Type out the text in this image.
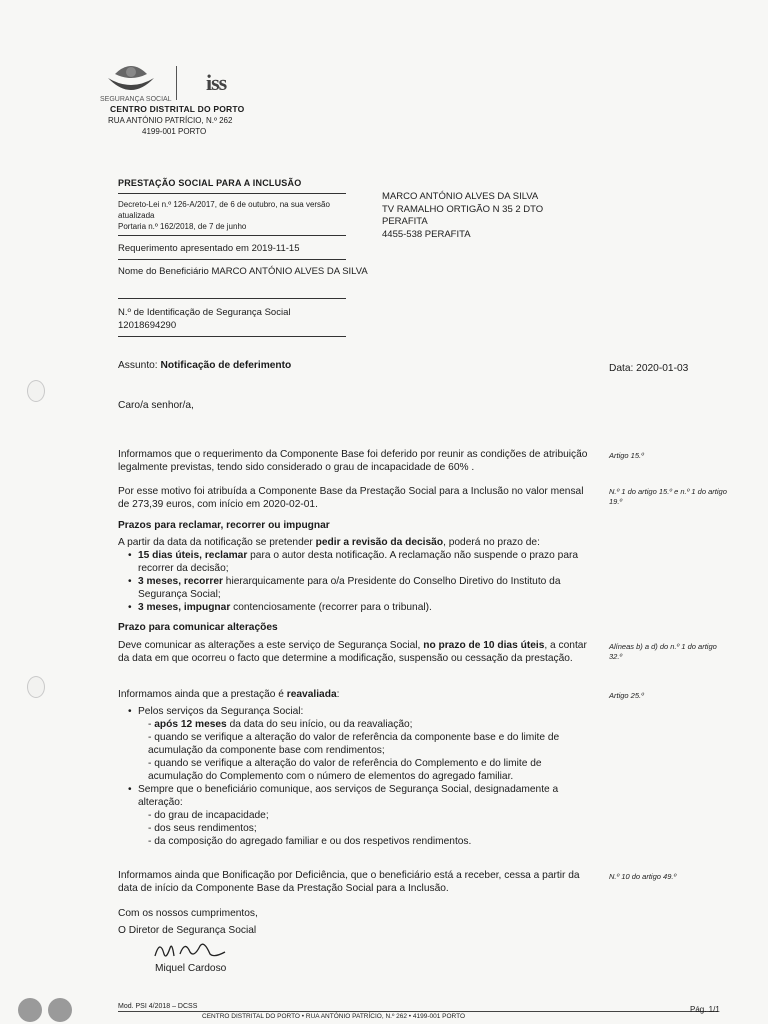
SEGURANÇA SOCIAL
iss
CENTRO DISTRITAL DO PORTO
RUA ANTÓNIO PATRÍCIO, N.º 262
4199-001 PORTO
PRESTAÇÃO SOCIAL PARA A INCLUSÃO
Decreto-Lei n.º 126-A/2017, de 6 de outubro, na sua versão atualizada
Portaria n.º 162/2018, de 7 de junho
Requerimento apresentado em 2019-11-15
Nome do Beneficiário MARCO ANTÓNIO ALVES DA SILVA
N.º de Identificação de Segurança Social
12018694290
MARCO ANTÓNIO ALVES DA SILVA
TV RAMALHO ORTIGÃO N 35 2 DTO
PERAFITA
4455-538 PERAFITA
Assunto: Notificação de deferimento	Data: 2020-01-03
Caro/a senhor/a,
Informamos que o requerimento da Componente Base foi deferido por reunir as condições de atribuição legalmente previstas, tendo sido considerado o grau de incapacidade de 60% .
Artigo 15.º
Por esse motivo foi atribuída a Componente Base da Prestação Social para a Inclusão no valor mensal de 273,39 euros, com início em 2020-02-01.
N.º 1 do artigo 15.º e n.º 1 do artigo 19.º
Prazos para reclamar, recorrer ou impugnar
A partir da data da notificação se pretender pedir a revisão da decisão, poderá no prazo de:
• 15 dias úteis, reclamar para o autor desta notificação. A reclamação não suspende o prazo para recorrer da decisão;
• 3 meses, recorrer hierarquicamente para o/a Presidente do Conselho Diretivo do Instituto da Segurança Social;
• 3 meses, impugnar contenciosamente (recorrer para o tribunal).
Prazo para comunicar alterações
Deve comunicar as alterações a este serviço de Segurança Social, no prazo de 10 dias úteis, a contar da data em que ocorreu o facto que determine a modificação, suspensão ou cessação da prestação.
Alíneas b) a d) do n.º 1 do artigo 32.º
Informamos ainda que a prestação é reavaliada:	Artigo 25.º
• Pelos serviços da Segurança Social:
- após 12 meses da data do seu início, ou da reavaliação;
- quando se verifique a alteração do valor de referência da componente base e do limite de acumulação da componente base com rendimentos;
- quando se verifique a alteração do valor de referência do Complemento e do limite de acumulação do Complemento com o número de elementos do agregado familiar.
• Sempre que o beneficiário comunique, aos serviços de Segurança Social, designadamente a alteração:
- do grau de incapacidade;
- dos seus rendimentos;
- da composição do agregado familiar e ou dos respetivos rendimentos.
Informamos ainda que Bonificação por Deficiência, que o beneficiário está a receber, cessa a partir da data de início da Componente Base da Prestação Social para a Inclusão.
N.º 10 do artigo 49.º
Com os nossos cumprimentos,
O Diretor de Segurança Social
Miquel Cardoso
Mod. PSI 4/2018 – DCSS	Pág. 1/1
CENTRO DISTRITAL DO PORTO • RUA ANTÓNIO PATRÍCIO, N.º 262 • 4199-001 PORTO
